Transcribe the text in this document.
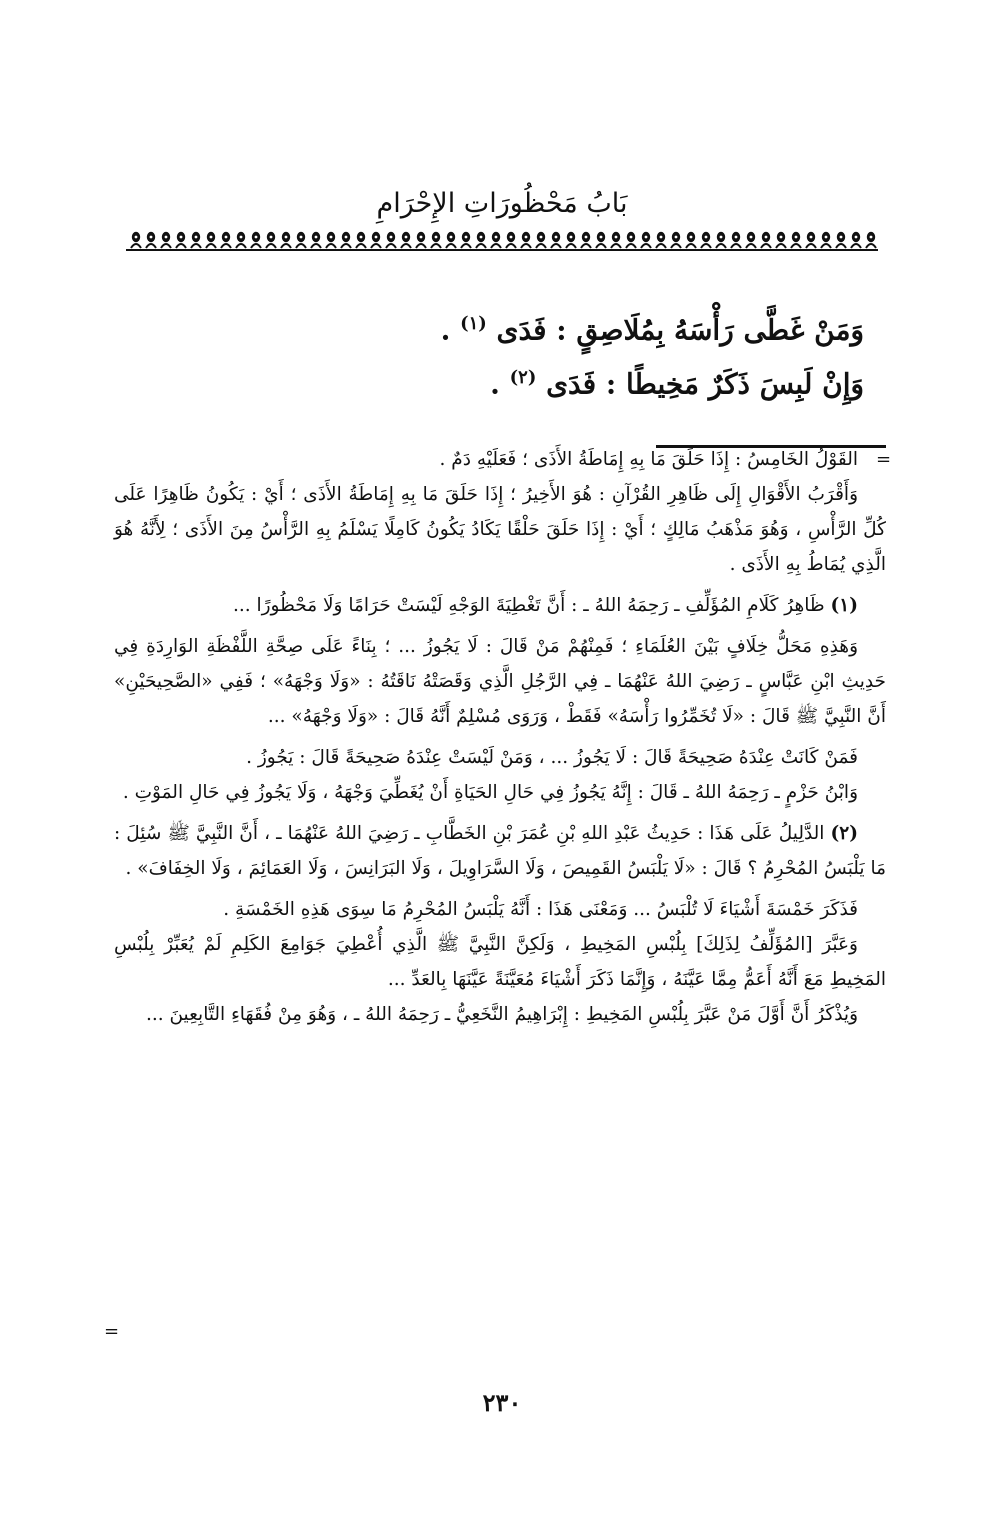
بَابُ مَحْظُورَاتِ الإِحْرَامِ
وَمَنْ غَطَّى رَأْسَهُ بِمُلَاصِقٍ : فَدَى $^{(١)}$ .
وَإِنْ لَبِسَ ذَكَرٌ مَخِيطًا : فَدَى $^{(٢)}$ .
=

القَوْلُ الخَامِسُ : إِذَا حَلَقَ مَا بِهِ إِمَاطَةُ الأَذَى ؛ فَعَلَيْهِ دَمٌ .

وَأَقْرَبُ الأَقْوَالِ إِلَى ظَاهِرِ القُرْآنِ : هُوَ الأَخِيرُ ؛ إِذَا حَلَقَ مَا بِهِ إِمَاطَةُ الأَذَى ؛ أَيْ : يَكُونُ ظَاهِرًا عَلَى كُلِّ الرَّأْسِ ، وَهُوَ مَذْهَبُ مَالِكٍ ؛ أَيْ : إِذَا حَلَقَ حَلْقًا يَكَادُ يَكُونُ كَامِلًا يَسْلَمُ بِهِ الرَّأْسُ مِنَ الأَذَى ؛ لِأَنَّهُ هُوَ الَّذِي يُمَاطُ بِهِ الأَذَى .

(١) ظَاهِرُ كَلَامِ المُؤَلِّفِ ـ رَحِمَهُ اللهُ ـ : أَنَّ تَغْطِيَةَ الوَجْهِ لَيْسَتْ حَرَامًا وَلَا مَحْظُورًا ...

وَهَذِهِ مَحَلُّ خِلَافٍ بَيْنَ العُلَمَاءِ ؛ فَمِنْهُمْ مَنْ قَالَ : لَا يَجُوزُ ... ؛ بِنَاءً عَلَى صِحَّةِ اللَّفْظَةِ الوَارِدَةِ فِي حَدِيثِ ابْنِ عَبَّاسٍ ـ رَضِيَ اللهُ عَنْهُمَا ـ فِي الرَّجُلِ الَّذِي وَقَصَتْهُ نَاقَتُهُ : «وَلَا وَجْهَهُ» ؛ فَفِي «الصَّحِيحَيْنِ» أَنَّ النَّبِيَّ ﷺ قَالَ : «لَا تُخَمِّرُوا رَأْسَهُ» فَقَطْ ، وَرَوَى مُسْلِمٌ أَنَّهُ قَالَ : «وَلَا وَجْهَهُ» ...

فَمَنْ كَانَتْ عِنْدَهُ صَحِيحَةً قَالَ : لَا يَجُوزُ ... ، وَمَنْ لَيْسَتْ عِنْدَهُ صَحِيحَةً قَالَ : يَجُوزُ .

وَابْنُ حَزْمٍ ـ رَحِمَهُ اللهُ ـ قَالَ : إِنَّهُ يَجُوزُ فِي حَالِ الحَيَاةِ أَنْ يُغَطِّيَ وَجْهَهُ ، وَلَا يَجُوزُ فِي حَالِ المَوْتِ .

(٢) الدَّلِيلُ عَلَى هَذَا : حَدِيثُ عَبْدِ اللهِ بْنِ عُمَرَ بْنِ الخَطَّابِ ـ رَضِيَ اللهُ عَنْهُمَا ـ ، أَنَّ النَّبِيَّ ﷺ سُئِلَ : مَا يَلْبَسُ المُحْرِمُ ؟ قَالَ : «لَا يَلْبَسُ القَمِيصَ ، وَلَا السَّرَاوِيلَ ، وَلَا البَرَانِسَ ، وَلَا العَمَائِمَ ، وَلَا الخِفَافَ» .

فَذَكَرَ خَمْسَةَ أَشْيَاءَ لَا تُلْبَسُ ... وَمَعْنَى هَذَا : أَنَّهُ يَلْبَسُ المُحْرِمُ مَا سِوَى هَذِهِ الخَمْسَةِ .

وَعَبَّرَ [المُؤَلِّفُ لِذَلِكَ] بِلُبْسِ المَخِيطِ ، وَلَكِنَّ النَّبِيَّ ﷺ الَّذِي أُعْطِيَ جَوَامِعَ الكَلِمِ لَمْ يُعَبِّرْ بِلُبْسِ المَخِيطِ مَعَ أَنَّهُ أَعَمُّ مِمَّا عَيَّنَهُ ، وَإِنَّمَا ذَكَرَ أَشْيَاءَ مُعَيَّنَةً عَيَّنَهَا بِالعَدِّ ...

وَيُذْكَرُ أَنَّ أَوَّلَ مَنْ عَبَّرَ بِلُبْسِ المَخِيطِ : إِبْرَاهِيمُ النَّخَعِيُّ ـ رَحِمَهُ اللهُ ـ ، وَهُوَ مِنْ فُقَهَاءِ التَّابِعِينَ ...

=
٢٣٠
